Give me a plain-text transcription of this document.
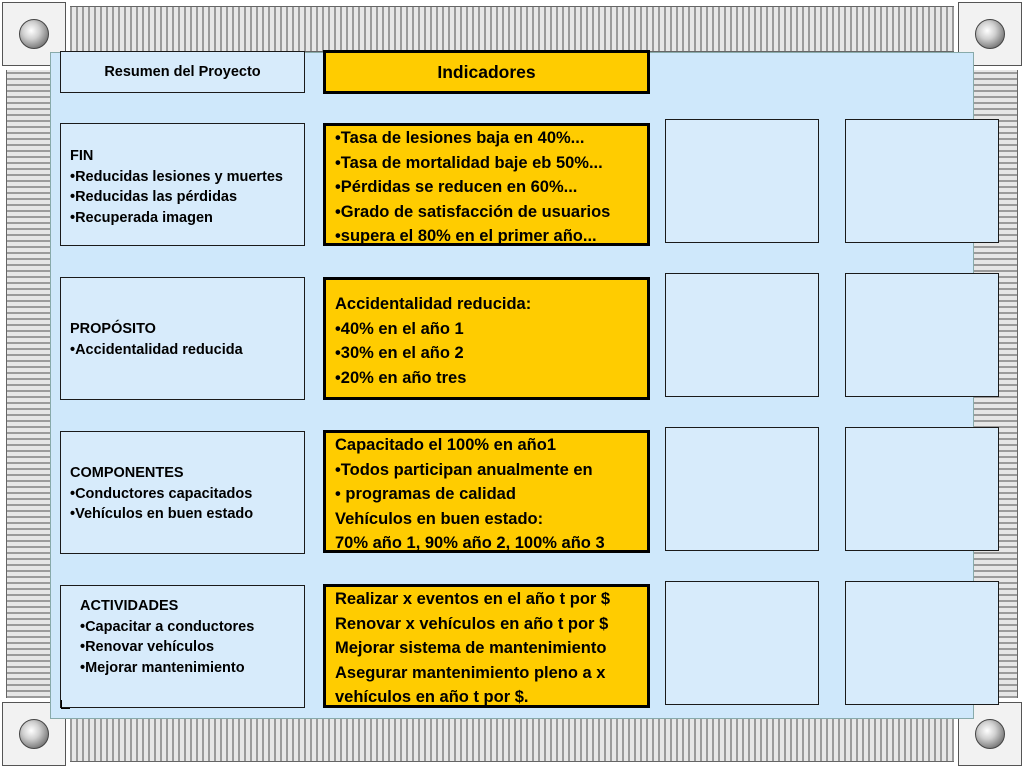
Resumen del Proyecto	Indicadores
FIN
•Reducidas lesiones y muertes
•Reducidas las pérdidas
•Recuperada imagen
•Tasa de lesiones baja en 40%...
•Tasa de mortalidad baje eb 50%...
•Pérdidas se reducen en 60%...
•Grado de satisfacción de usuarios
•supera el 80% en el primer año...
PROPÓSITO
•Accidentalidad reducida
Accidentalidad reducida:
•40% en el año 1
•30% en el año 2
•20% en año tres
COMPONENTES
•Conductores capacitados
•Vehículos en buen estado
Capacitado el 100% en año1
•Todos participan anualmente en
• programas de calidad
Vehículos en buen estado:
70% año 1, 90% año 2, 100% año 3
ACTIVIDADES
•Capacitar a conductores
•Renovar vehículos
•Mejorar mantenimiento
Realizar x eventos en el año t por $
Renovar x vehículos en año t por $
Mejorar sistema de mantenimiento
Asegurar mantenimiento pleno a x
vehículos en año t por $.
